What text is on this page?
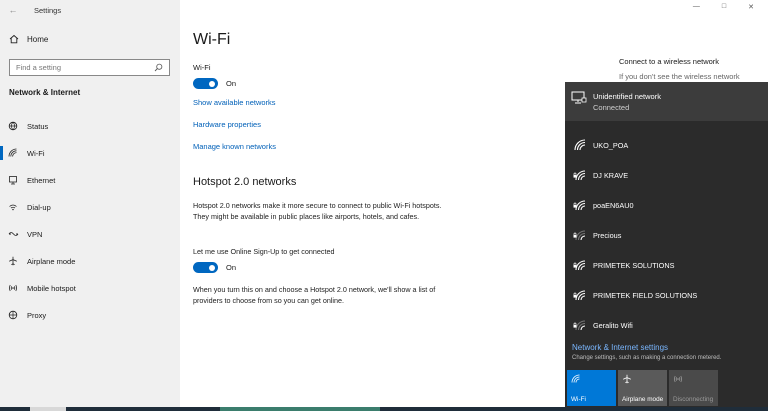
←	Settings
Home
Find a setting
Network & Internet
Status
Wi-Fi
Ethernet
Dial-up
VPN
Airplane mode
Mobile hotspot
Proxy
—	□	✕
Wi-Fi
Wi-Fi
On
Show available networks
Hardware properties
Manage known networks
Hotspot 2.0 networks
Hotspot 2.0 networks make it more secure to connect to public Wi-Fi hotspots. They might be available in public places like airports, hotels, and cafes.
Let me use Online Sign-Up to get connected
On
When you turn this on and choose a Hotspot 2.0 network, we'll show a list of providers to choose from so you can get online.
Connect to a wireless network
If you don't see the wireless network
Unidentified network
Connected
UKO_POA
DJ KRAVE
poaEN6AU0
Precious
PRIMETEK SOLUTIONS
PRIMETEK FIELD SOLUTIONS
Geralito Wifi
Network & Internet settings
Change settings, such as making a connection metered.
Wi-Fi	Airplane mode Disconnecting
